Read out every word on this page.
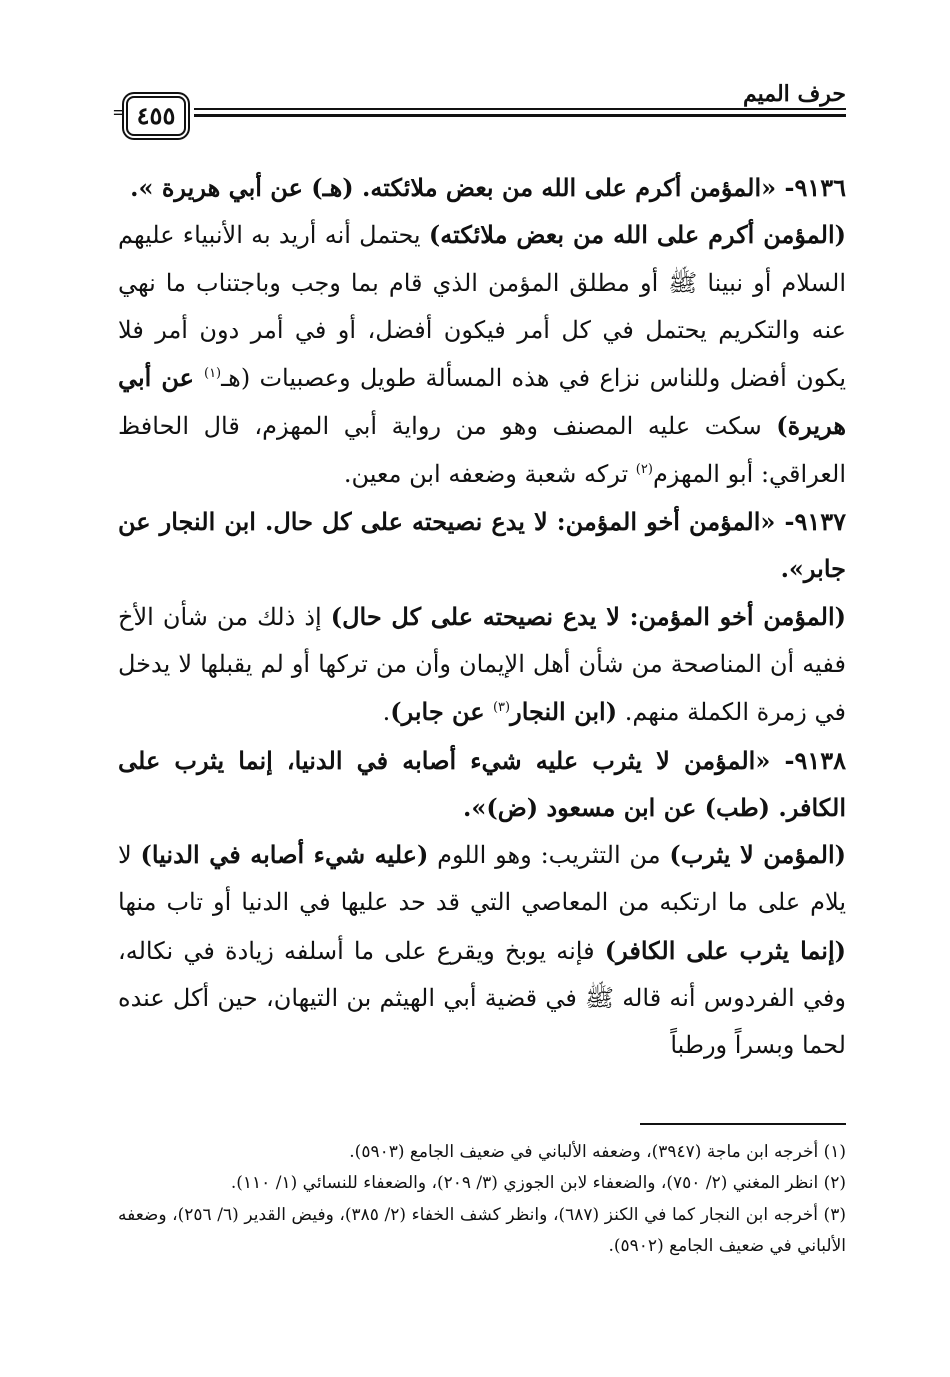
= ٤٥٥
حرف الميم

٩١٣٦- «المؤمن أكرم على الله من بعض ملائكته. (هـ) عن أبي هريرة ».

(المؤمن أكرم على الله من بعض ملائكته) يحتمل أنه أريد به الأنبياء عليهم السلام أو نبينا ﷺ أو مطلق المؤمن الذي قام بما وجب وباجتناب ما نهي عنه والتكريم يحتمل في كل أمر فيكون أفضل، أو في أمر دون أمر فلا يكون أفضل وللناس نزاع في هذه المسألة طويل وعصبيات (هـ$^{(١)}$ عن أبي هريرة) سكت عليه المصنف وهو من رواية أبي المهزم، قال الحافظ العراقي: أبو المهزم$^{(٢)}$ تركه شعبة وضعفه ابن معين.

٩١٣٧- «المؤمن أخو المؤمن: لا يدع نصيحته على كل حال. ابن النجار عن جابر».

(المؤمن أخو المؤمن: لا يدع نصيحته على كل حال) إذ ذلك من شأن الأخ ففيه أن المناصحة من شأن أهل الإيمان وأن من تركها أو لم يقبلها لا يدخل في زمرة الكملة منهم. (ابن النجار$^{(٣)}$ عن جابر).

٩١٣٨- «المؤمن لا يثرب عليه شيء أصابه في الدنيا، إنما يثرب على الكافر. (طب) عن ابن مسعود (ض)».

(المؤمن لا يثرب) من التثريب: وهو اللوم (عليه شيء أصابه في الدنيا) لا يلام على ما ارتكبه من المعاصي التي قد حد عليها في الدنيا أو تاب منها (إنما يثرب على الكافر) فإنه يوبخ ويقرع على ما أسلفه زيادة في نكاله، وفي الفردوس أنه قاله ﷺ في قضية أبي الهيثم بن التيهان، حين أكل عنده لحما وبسراً ورطباً

(١) أخرجه ابن ماجة (٣٩٤٧)، وضعفه الألباني في ضعيف الجامع (٥٩٠٣).

(٢) انظر المغني (٢/ ٧٥٠)، والضعفاء لابن الجوزي (٣/ ٢٠٩)، والضعفاء للنسائي (١/ ١١٠).

(٣) أخرجه ابن النجار كما في الكنز (٦٨٧)، وانظر كشف الخفاء (٢/ ٣٨٥)، وفيض القدير (٦/ ٢٥٦)، وضعفه الألباني في ضعيف الجامع (٥٩٠٢).
